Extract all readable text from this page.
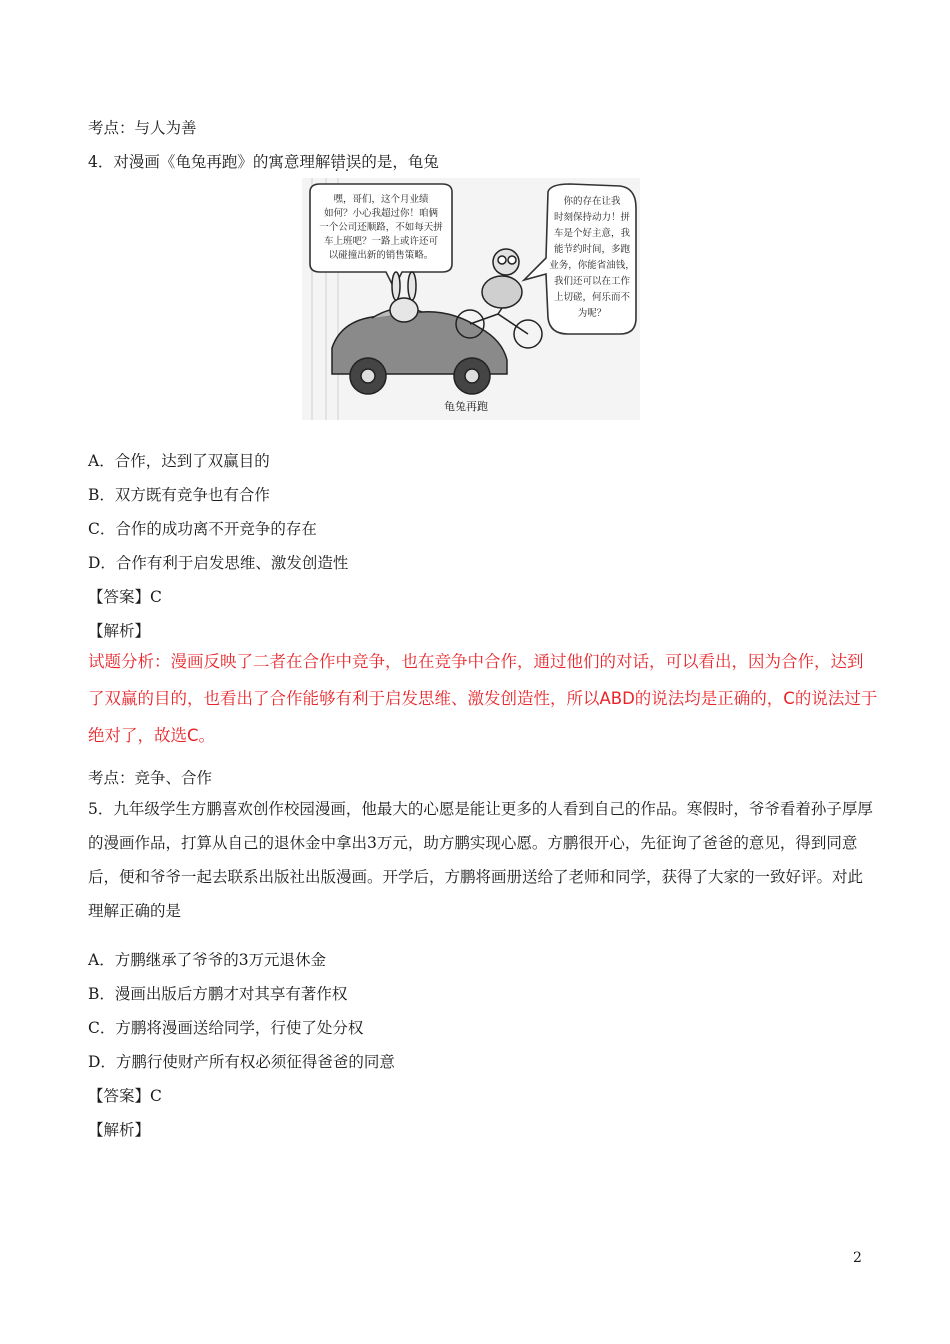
考点：与人为善
4．对漫画《龟兔再跑》的寓意理解错误 ··的是，龟兔
嘿，哥们，这个月业绩
如何？小心我超过你！咱俩
一个公司还顺路，不如每天拼
车上班吧？一路上或许还可
以碰撞出新的销售策略。
你的存在让我
时刻保持动力！拼
车是个好主意，我
能节约时间，多跑
业务，你能省油钱，
我们还可以在工作
上切磋，何乐而不
为呢？
龟兔再跑
A．合作，达到了双赢目的
B．双方既有竞争也有合作
C．合作的成功离不开竞争的存在
D．合作有利于启发思维、激发创造性
【答案】C
【解析】
试题分析：漫画反映了二者在合作中竞争，也在竞争中合作，通过他们的对话，可以看出，因为合作，达到了双赢的目的，也看出了合作能够有利于启发思维、激发创造性，所以ABD的说法均是正确的，C的说法过于绝对了，故选C。
考点：竞争、合作
5．九年级学生方鹏喜欢创作校园漫画，他最大的心愿是能让更多的人看到自己的作品。寒假时，爷爷看着孙子厚厚的漫画作品，打算从自己的退休金中拿出3万元，助方鹏实现心愿。方鹏很开心，先征询了爸爸的意见，得到同意后，便和爷爷一起去联系出版社出版漫画。开学后，方鹏将画册送给了老师和同学，获得了大家的一致好评。对此理解正确的是
A．方鹏继承了爷爷的3万元退休金
B．漫画出版后方鹏才对其享有著作权
C．方鹏将漫画送给同学，行使了处分权
D．方鹏行使财产所有权必须征得爸爸的同意
【答案】C
【解析】
2
